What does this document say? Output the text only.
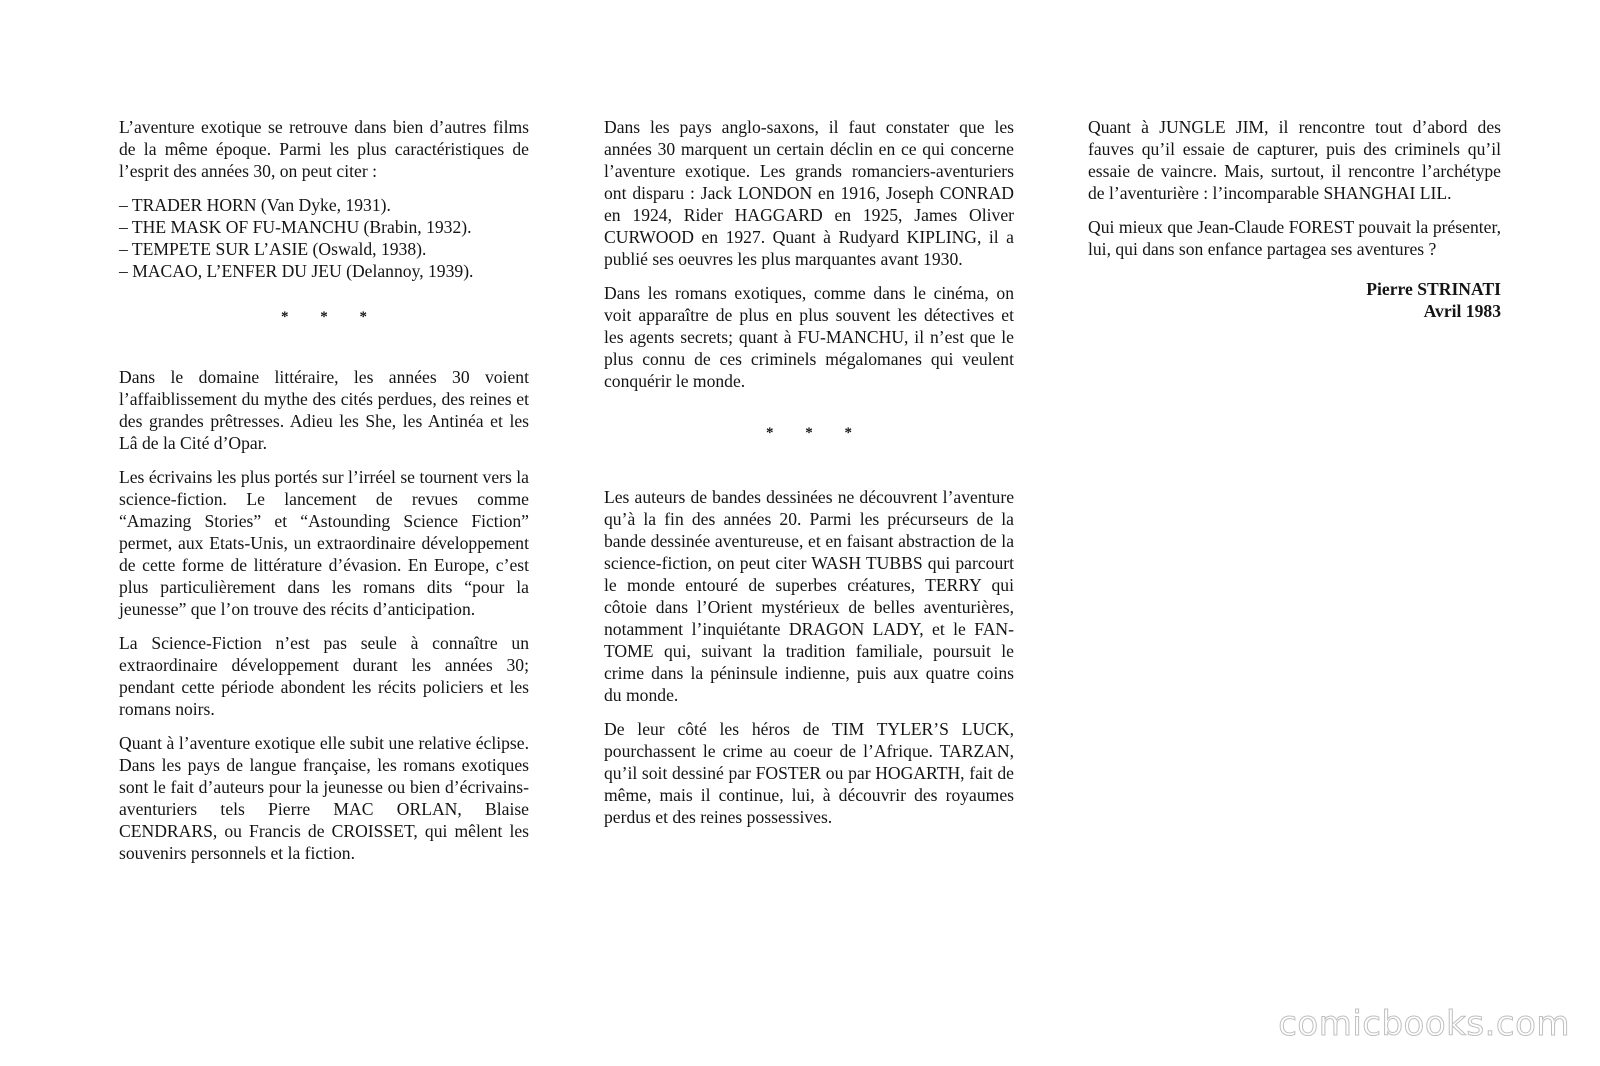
L’aventure exotique se retrouve dans bien d’autres films de la même époque. Parmi les plus caractéristiques de l’esprit des années 30, on peut citer :

– TRADER HORN (Van Dyke, 1931).
– THE MASK OF FU-MANCHU (Brabin, 1932).
– TEMPETE SUR L’ASIE (Oswald, 1938).
– MACAO, L’ENFER DU JEU (Delannoy, 1939).
* * *

Dans le domaine littéraire, les années 30 voient l’affaiblissement du mythe des cités perdues, des reines et des grandes prêtresses. Adieu les She, les Antinéa et les Lâ de la Cité d’Opar.

Les écrivains les plus portés sur l’irréel se tournent vers la science-fiction. Le lancement de revues comme “Amazing Stories” et “Astounding Science Fiction” permet, aux Etats-Unis, un extraordinaire développement de cette forme de littérature d’évasion. En Europe, c’est plus particulièrement dans les romans dits “pour la jeunesse” que l’on trouve des récits d’anticipation.

La Science-Fiction n’est pas seule à connaître un extraordinaire développement durant les années 30; pendant cette période abondent les récits policiers et les romans noirs.

Quant à l’aventure exotique elle subit une relative éclipse. Dans les pays de langue française, les romans exotiques sont le fait d’auteurs pour la jeunesse ou bien d’écrivains-aventuriers tels Pierre MAC ORLAN, Blaise CENDRARS, ou Francis de CROISSET, qui mêlent les souvenirs personnels et la fiction.

Dans les pays anglo-saxons, il faut constater que les années 30 marquent un certain déclin en ce qui concerne l’aventure exotique. Les grands romanciers-aventuriers ont disparu : Jack LONDON en 1916, Joseph CONRAD en 1924, Rider HAGGARD en 1925, James Oliver CURWOOD en 1927. Quant à Rudyard KIPLING, il a publié ses oeuvres les plus marquantes avant 1930.

Dans les romans exotiques, comme dans le cinéma, on voit apparaître de plus en plus souvent les détectives et les agents secrets; quant à FU-MANCHU, il n’est que le plus connu de ces criminels mégalomanes qui veulent conquérir le monde.

* * *

Les auteurs de bandes dessinées ne découvrent l’aventure qu’à la fin des années 20. Parmi les précurseurs de la bande dessinée aventureuse, et en faisant abstraction de la science-fiction, on peut citer WASH TUBBS qui parcourt le monde entouré de superbes créatures, TERRY qui côtoie dans l’Orient mystérieux de belles aventurières, notamment l’inquiétante DRAGON LADY, et le FANTOME qui, suivant la tradition familiale, poursuit le crime dans la péninsule indienne, puis aux quatre coins du monde.

De leur côté les héros de TIM TYLER’S LUCK, pourchassent le crime au coeur de l’Afrique. TARZAN, qu’il soit dessiné par FOSTER ou par HOGARTH, fait de même, mais il continue, lui, à découvrir des royaumes perdus et des reines possessives.

Quant à JUNGLE JIM, il rencontre tout d’abord des fauves qu’il essaie de capturer, puis des criminels qu’il essaie de vaincre. Mais, surtout, il rencontre l’archétype de l’aventurière : l’incomparable SHANGHAI LIL.

Qui mieux que Jean-Claude FOREST pouvait la présenter, lui, qui dans son enfance partagea ses aventures ?

Pierre STRINATI
Avril 1983
comicbooks.com
